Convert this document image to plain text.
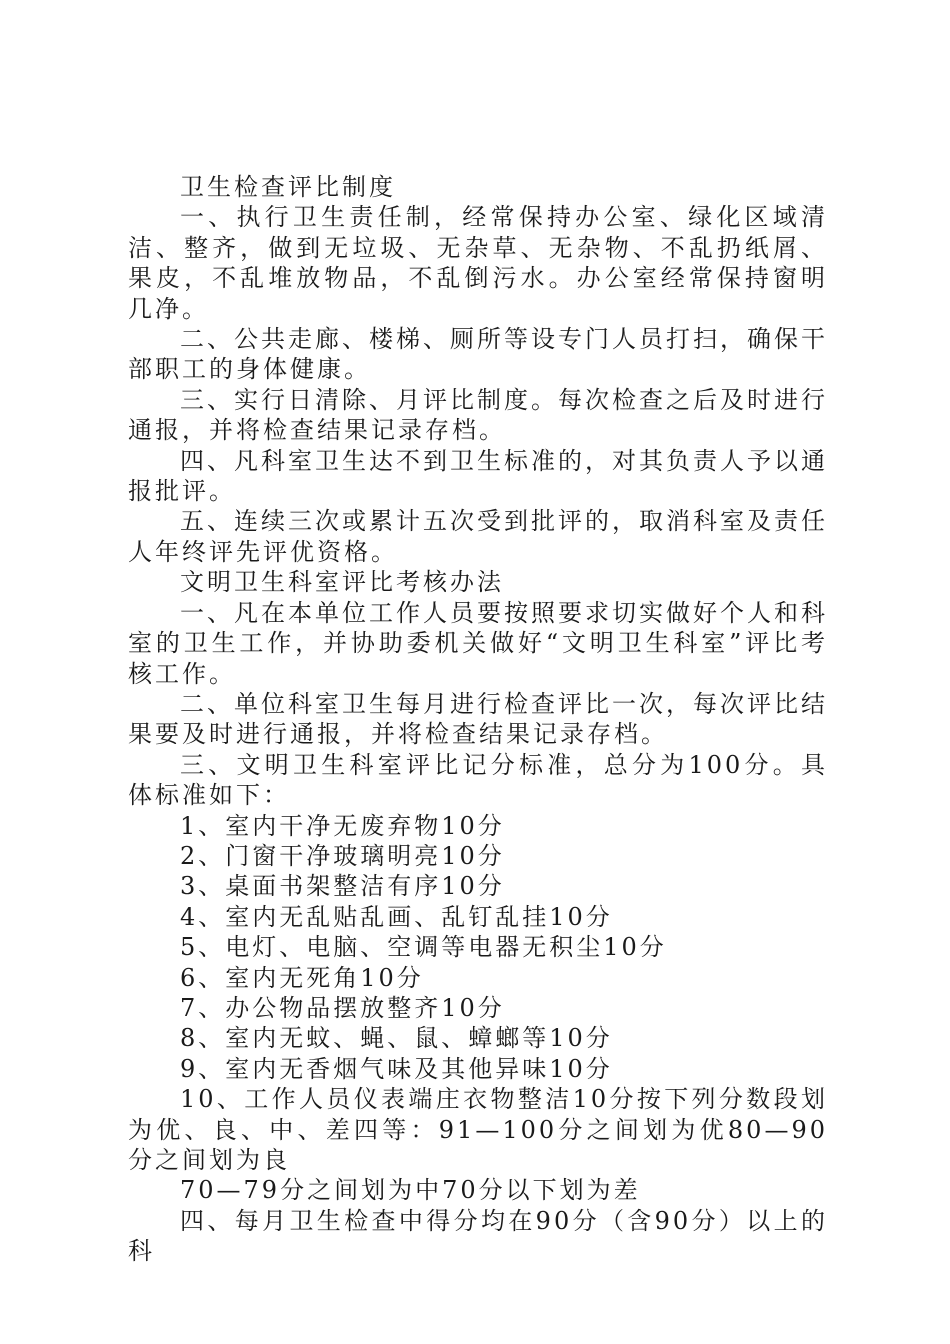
卫生检查评比制度

一、执行卫生责任制，经常保持办公室、绿化区域清洁、整齐，做到无垃圾、无杂草、无杂物、不乱扔纸屑、果皮，不乱堆放物品，不乱倒污水。办公室经常保持窗明几净。

二、公共走廊、楼梯、厕所等设专门人员打扫，确保干部职工的身体健康。

三、实行日清除、月评比制度。每次检查之后及时进行通报，并将检查结果记录存档。

四、凡科室卫生达不到卫生标准的，对其负责人予以通报批评。

五、连续三次或累计五次受到批评的，取消科室及责任人年终评先评优资格。

文明卫生科室评比考核办法

一、凡在本单位工作人员要按照要求切实做好个人和科室的卫生工作，并协助委机关做好“文明卫生科室”评比考核工作。

二、单位科室卫生每月进行检查评比一次，每次评比结果要及时进行通报，并将检查结果记录存档。

三、文明卫生科室评比记分标准，总分为100分。具体标准如下：

1、室内干净无废弃物10分

2、门窗干净玻璃明亮10分

3、桌面书架整洁有序10分

4、室内无乱贴乱画、乱钉乱挂10分

5、电灯、电脑、空调等电器无积尘10分

6、室内无死角10分

7、办公物品摆放整齐10分

8、室内无蚊、蝇、鼠、蟑螂等10分

9、室内无香烟气味及其他异味10分

10、工作人员仪表端庄衣物整洁10分按下列分数段划为优、良、中、差四等：91—100分之间划为优80—90分之间划为良

70—79分之间划为中70分以下划为差

四、每月卫生检查中得分均在90分（含90分）以上的科
